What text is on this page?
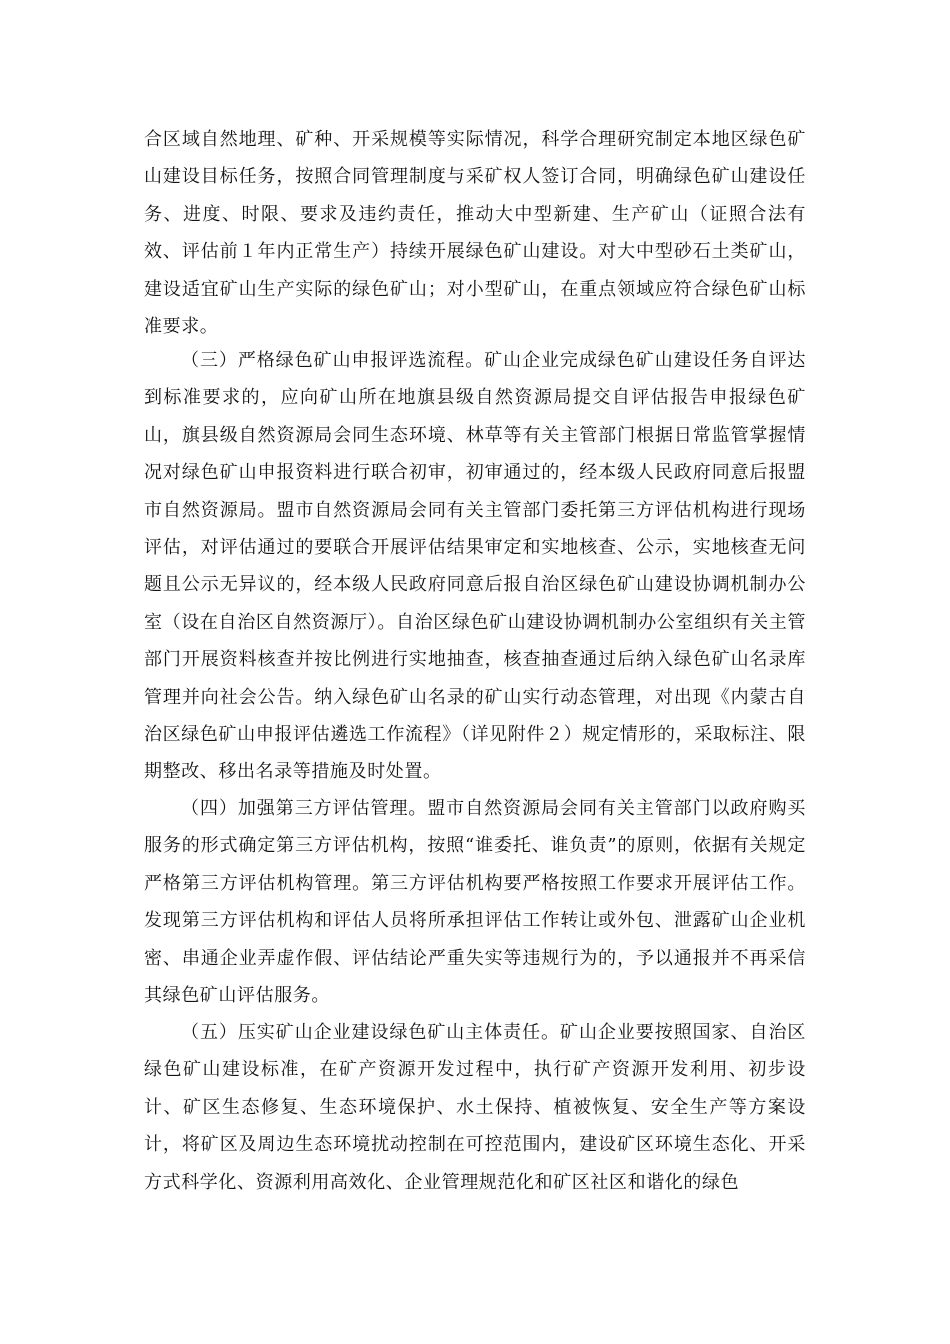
合区域自然地理、矿种、开采规模等实际情况，科学合理研究制定本地区绿色矿山建设目标任务，按照合同管理制度与采矿权人签订合同，明确绿色矿山建设任务、进度、时限、要求及违约责任，推动大中型新建、生产矿山（证照合法有效、评估前１年内正常生产）持续开展绿色矿山建设。对大中型砂石土类矿山，建设适宜矿山生产实际的绿色矿山；对小型矿山，在重点领域应符合绿色矿山标准要求。

（三）严格绿色矿山申报评选流程。矿山企业完成绿色矿山建设任务自评达到标准要求的，应向矿山所在地旗县级自然资源局提交自评估报告申报绿色矿山，旗县级自然资源局会同生态环境、林草等有关主管部门根据日常监管掌握情况对绿色矿山申报资料进行联合初审，初审通过的，经本级人民政府同意后报盟市自然资源局。盟市自然资源局会同有关主管部门委托第三方评估机构进行现场评估，对评估通过的要联合开展评估结果审定和实地核查、公示，实地核查无问题且公示无异议的，经本级人民政府同意后报自治区绿色矿山建设协调机制办公室（设在自治区自然资源厅）。自治区绿色矿山建设协调机制办公室组织有关主管部门开展资料核查并按比例进行实地抽查，核查抽查通过后纳入绿色矿山名录库管理并向社会公告。纳入绿色矿山名录的矿山实行动态管理，对出现《内蒙古自治区绿色矿山申报评估遴选工作流程》（详见附件２）规定情形的，采取标注、限期整改、移出名录等措施及时处置。

（四）加强第三方评估管理。盟市自然资源局会同有关主管部门以政府购买服务的形式确定第三方评估机构，按照“谁委托、谁负责”的原则，依据有关规定严格第三方评估机构管理。第三方评估机构要严格按照工作要求开展评估工作。发现第三方评估机构和评估人员将所承担评估工作转让或外包、泄露矿山企业机密、串通企业弄虚作假、评估结论严重失实等违规行为的，予以通报并不再采信其绿色矿山评估服务。

（五）压实矿山企业建设绿色矿山主体责任。矿山企业要按照国家、自治区绿色矿山建设标准，在矿产资源开发过程中，执行矿产资源开发利用、初步设计、矿区生态修复、生态环境保护、水土保持、植被恢复、安全生产等方案设计，将矿区及周边生态环境扰动控制在可控范围内，建设矿区环境生态化、开采方式科学化、资源利用高效化、企业管理规范化和矿区社区和谐化的绿色
